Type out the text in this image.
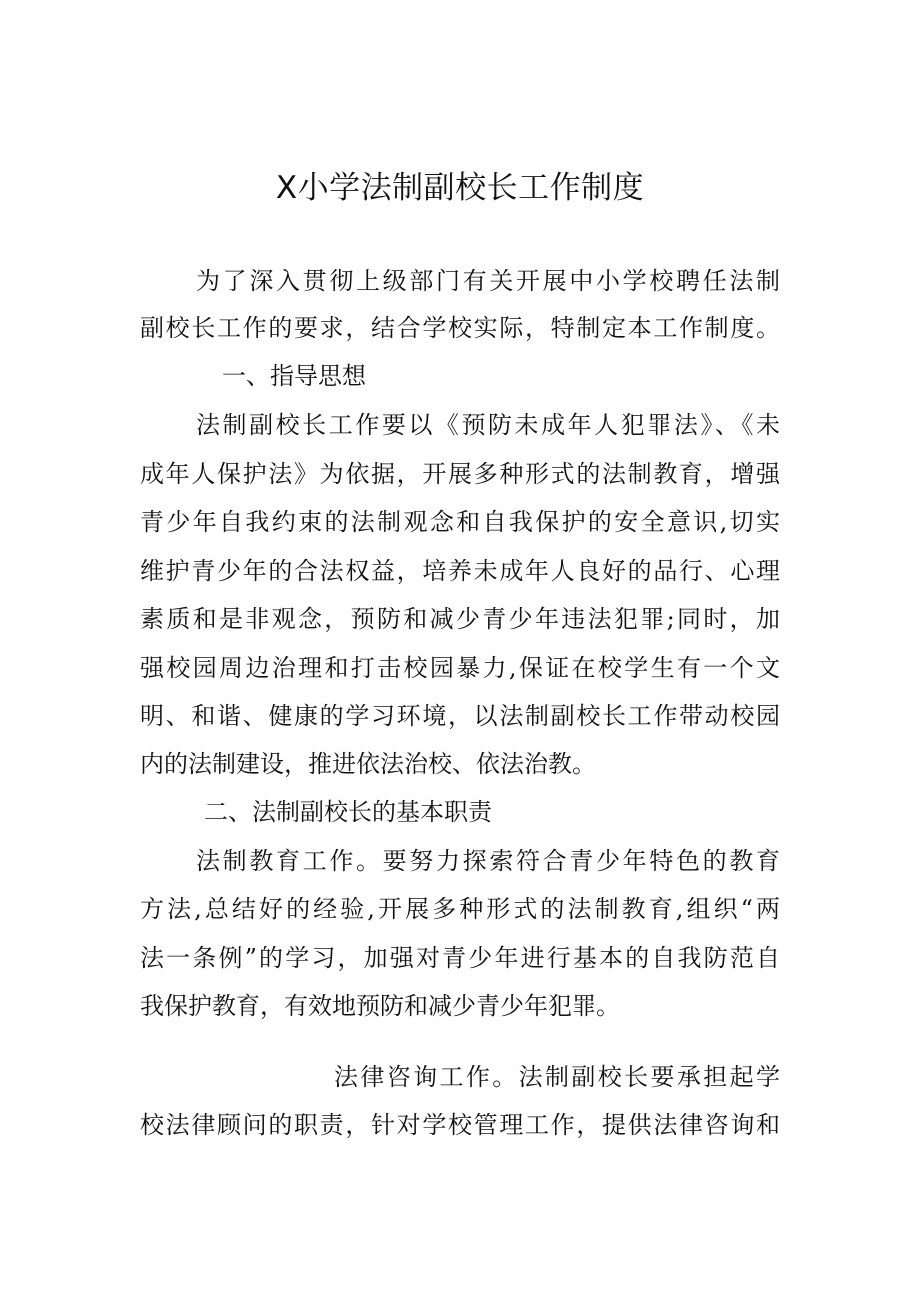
X小学法制副校长工作制度
为了深入贯彻上级部门有关开展中小学校聘任法制
副校长工作的要求，结合学校实际，特制定本工作制度。
一、指导思想
法制副校长工作要以《预防未成年人犯罪法》、《未
成年人保护法》为依据，开展多种形式的法制教育，增强
青少年自我约束的法制观念和自我保护的安全意识,切实
维护青少年的合法权益，培养未成年人良好的品行、心理
素质和是非观念，预防和减少青少年违法犯罪;同时，加
强校园周边治理和打击校园暴力,保证在校学生有一个文
明、和谐、健康的学习环境，以法制副校长工作带动校园
内的法制建设，推进依法治校、依法治教。
二、法制副校长的基本职责
法制教育工作。要努力探索符合青少年特色的教育
方法,总结好的经验,开展多种形式的法制教育,组织“两
法一条例”的学习，加强对青少年进行基本的自我防范自
我保护教育，有效地预防和减少青少年犯罪。
法律咨询工作。法制副校长要承担起学
校法律顾问的职责，针对学校管理工作，提供法律咨询和
